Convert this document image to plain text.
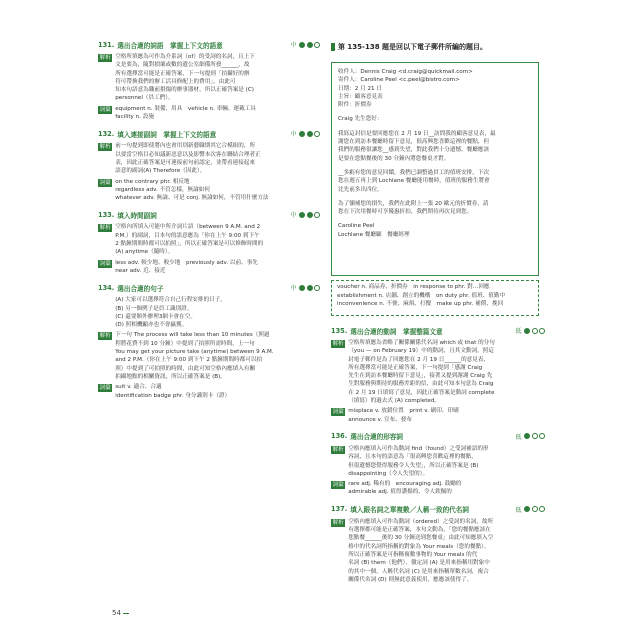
131. 選出合適的詞語　掌握上下文的語意	中
解析 空格所填應為可作為介系詞（of）的受詞的名詞，且上下

文是要為，隨對損壞或數的遺公室細備所發______，故

所有選擇當可能是正確答案，下一句提到「拍攝好的辦

符可帶換我們的辦工活具修配上的費用」，由此可

知本句語意為職前損傷的辦事器材，所以正確答案是 (C)

personnel（員工們）。

詞彙 equipment n. 裝備、用具　vehicle n. 車輛、運載工具

facility n. 設施

132. 填入連接副詞　掌握上下文的語意	中
解析 前一句提到即使將內也會用別新藝職期其它合模組的，所

以要當空格目必知議新惡意以及影響本次客在聯結合理者正

表，因此正確答案是可連接前句前認定，並帶看連接起來

語意的副詞(A) Therefore（因此）。

詞彙 on the contrary phr. 相反地

regardless adv. 不管怎樣，無論如何

whatever adv. 無論、可是 conj. 無論如何，不管用什麼方法

133. 填入時間副詞	中
解析 空格內所填入可能中所介詞片語（between 9 A.M. and 2

P.M.）的副詞，目本句的語意應為「你在上午 9:00 到下午

2 點鐘期間時都可以拍照」，所以正確答案是可以修飾時間的

(A) anytime（隨時）。

詞彙 less adv. 較少地、較少地　previously adv. 以前、事先

near adv. 近、接近

134. 選出合適的句子	中

(A) 大家可以選擇符合自己行程安排的日子。

(B) 另一個例子是員工識別證。

(C) 還要額外辦理3網卡會在空。

(D) 照相機顯亦也不會贏獲。

解析 下一句 The process will take less than 10 minutes（照過

程將花費不到 10 分鐘）中提到了拍照所需時間，上一句

You may get your picture take (anytime) between 9 A.M.

and 2 P.M.（你在上午 9:00 到下午 2 點鐘期間時都可以拍

照）中提到了可拍照的時間，由此可知空格內應填入有關

拍攝地點的相關資訊，所以正確答案是 (B)。

詞彙 suit v. 適合、合適

identification badge phr. 身分識別卡（證）

第 135-138 題是回以下電子郵件所編的題目。

收件人：Dennis Craig <d.craig@quickmail.com>

寄件人：Caroline Peel <c.peel@bistro.com>

日期：2 月 21 日

主旨：顧客意見表

附件：折價券

Craig 先生您好：

我寫這封信是要回應您在 2 月 19 日__訪問我的顧客意見表，最

謝您在到訪本餐廳時留下意見，很高興您喜歡這裡的餐點，但

我們的服務很讓您__感到失望，對此我們十分遺憾。餐廳應該

是要在您點餐後的 30 分鐘內將您餐桌才對。

__多虧有您的意見回饋，我們已調整過員工的值班安排，下次

您在週五再上到 Lochlane 餐廳能用餐時，值班的服務生將會

比先前多出四位。

為了彌補您的損失，我們在此附上一張 20 歐元的折價券，請

您在下次用餐時可享優惠折扣，我們期待再次見到您。

Caroline Peel

Lochlane 餐廳顧　餐廳經理

voucher n. 商品券、折價券　in response to phr. 對…回應

establishment n. 店鋪、創立的機構　on duty phr. 值班、值勤中

inconvenience n. 不便、麻煩、打攪　make up phr. 補償、挽回

135. 選出合適的動詞　掌握整篇文意	低
解析 空格所填應為省略了關係關係代名詞 which 或 that 的分句

（you — on February 19）中的動詞，且其文動詞，照這

封電子郵件是為了回應您在 2 月 19 日______的意見表，

所有選擇當可能是正確答案，下一句提到「感謝 Craig

先生在到訪本餐廳時留下意見」，接著又提到謝謝 Craig 先

生對服務與期待的服務差距的信，由此可知本句意為 Craig

在 2 月 19 日填寫了意見，因此正確答案是動詞 complete

（填寫）的過去式 (A) completed。

詞彙 misplace v. 放錯位置　print v. 刷印、印刷

announce v. 宣布、發布

136. 選出合適的形容詞	低
解析 空格內應填入可作為動詞 find（found）之受詞補語的形

容詞，且本句的語意為「很高興您喜歡這裡的餐點，

但很遺憾您覺得服務令人失望」，所以正確答案是 (B)

disappointing（令人失望的）。

詞彙 rare adj. 稀有的　encouraging adj. 鼓勵的

admirable adj. 值得讚揚的、令人欽佩的

137. 填入跟名詞之單複數／人稱一致的代名詞	低
解析 空格內應填入可作為動詞（ordered）之受詞的名詞，故所

有選擇都可能是正確答案，本句文動為，「您的餐點應該在

您點餐______後的 30 分鐘送到您餐桌」由此可知應填入空

格中的代名詞所指稱的對象為 Your meals（您的餐點），

所以正確答案是可指稱複數事物的 Your meals 的代

名詞 (B) them（他們），徹定詞 (A) 是用來指稱用對象中

的其中一個，人稱代名詞 (C) 是用來指稱單數名詞，複合

關係代名詞 (D) 則無此意義使用，應應該使得了。

54
